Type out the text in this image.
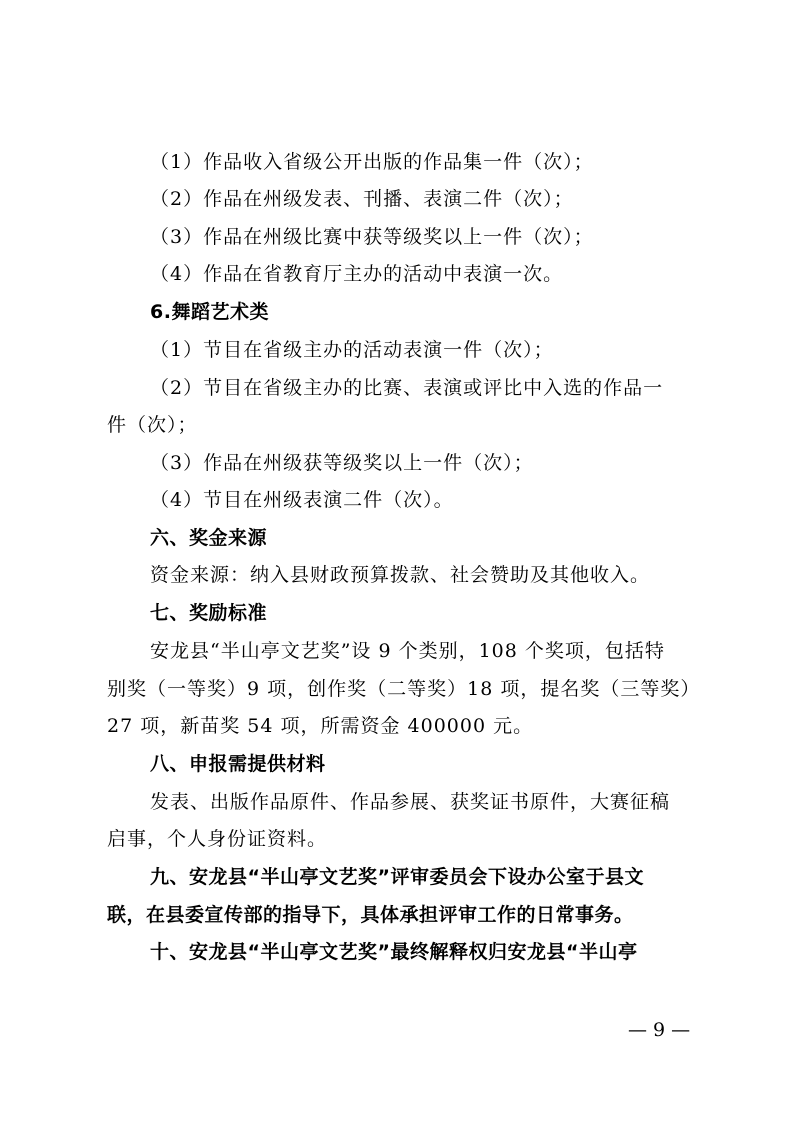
（1）作品收入省级公开出版的作品集一件（次）；
（2）作品在州级发表、刊播、表演二件（次）；
（3）作品在州级比赛中获等级奖以上一件（次）；
（4）作品在省教育厅主办的活动中表演一次。
6.舞蹈艺术类
（1）节目在省级主办的活动表演一件（次）；
（2）节目在省级主办的比赛、表演或评比中入选的作品一
件（次）；
（3）作品在州级获等级奖以上一件（次）；
（4）节目在州级表演二件（次）。
六、奖金来源
资金来源：纳入县财政预算拨款、社会赞助及其他收入。
七、奖励标准
安龙县“半山亭文艺奖”设 9 个类别，108 个奖项，包括特
别奖（一等奖）9 项，创作奖（二等奖）18 项，提名奖（三等奖）
27 项，新苗奖 54 项，所需资金 400000 元。
八、申报需提供材料
发表、出版作品原件、作品参展、获奖证书原件，大赛征稿
启事，个人身份证资料。
九、安龙县“半山亭文艺奖”评审委员会下设办公室于县文
联，在县委宣传部的指导下，具体承担评审工作的日常事务。
十、安龙县“半山亭文艺奖”最终解释权归安龙县“半山亭
— 9 —
